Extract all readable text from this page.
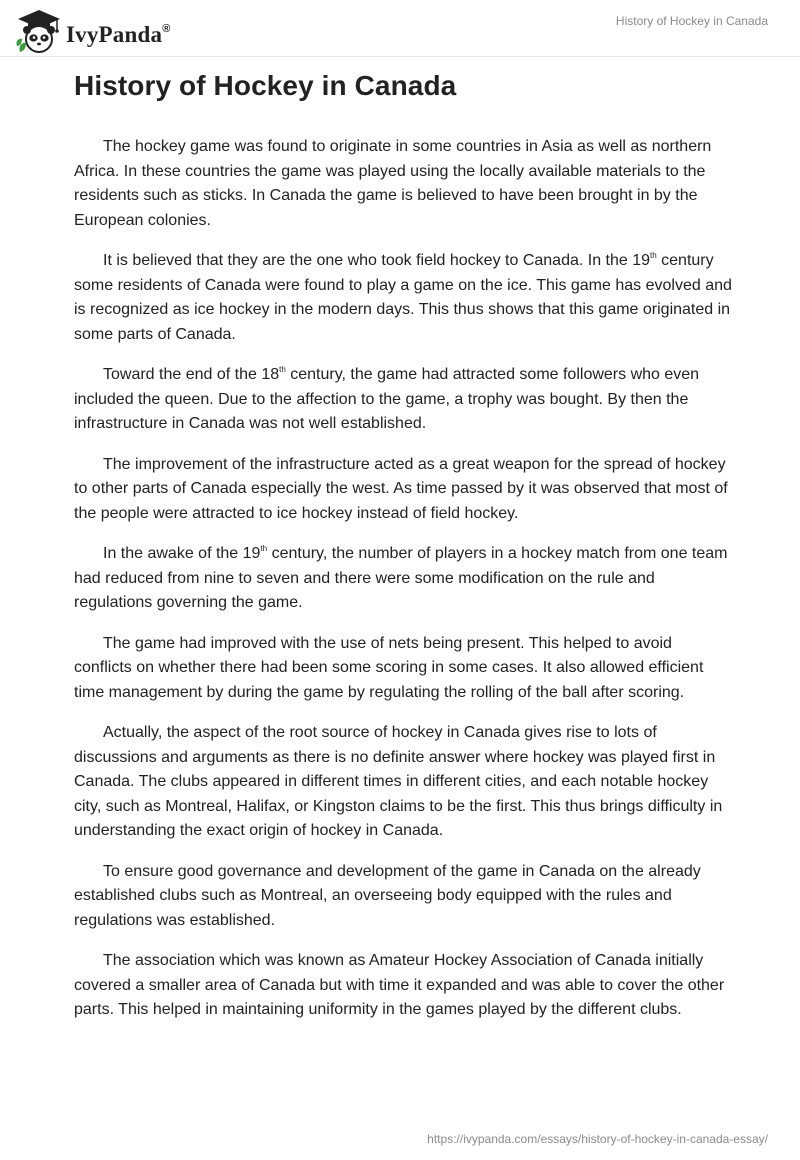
IvyPanda®
History of Hockey in Canada
History of Hockey in Canada

The hockey game was found to originate in some countries in Asia as well as northern Africa. In these countries the game was played using the locally available materials to the residents such as sticks. In Canada the game is believed to have been brought in by the European colonies.

It is believed that they are the one who took field hockey to Canada. In the 19th century some residents of Canada were found to play a game on the ice. This game has evolved and is recognized as ice hockey in the modern days. This thus shows that this game originated in some parts of Canada.

Toward the end of the 18th century, the game had attracted some followers who even included the queen. Due to the affection to the game, a trophy was bought. By then the infrastructure in Canada was not well established.

The improvement of the infrastructure acted as a great weapon for the spread of hockey to other parts of Canada especially the west. As time passed by it was observed that most of the people were attracted to ice hockey instead of field hockey.

In the awake of the 19th century, the number of players in a hockey match from one team had reduced from nine to seven and there were some modification on the rule and regulations governing the game.

The game had improved with the use of nets being present. This helped to avoid conflicts on whether there had been some scoring in some cases. It also allowed efficient time management by during the game by regulating the rolling of the ball after scoring.

Actually, the aspect of the root source of hockey in Canada gives rise to lots of discussions and arguments as there is no definite answer where hockey was played first in Canada. The clubs appeared in different times in different cities, and each notable hockey city, such as Montreal, Halifax, or Kingston claims to be the first. This thus brings difficulty in understanding the exact origin of hockey in Canada.

To ensure good governance and development of the game in Canada on the already established clubs such as Montreal, an overseeing body equipped with the rules and regulations was established.

The association which was known as Amateur Hockey Association of Canada initially covered a smaller area of Canada but with time it expanded and was able to cover the other parts. This helped in maintaining uniformity in the games played by the different clubs.

https://ivypanda.com/essays/history-of-hockey-in-canada-essay/
